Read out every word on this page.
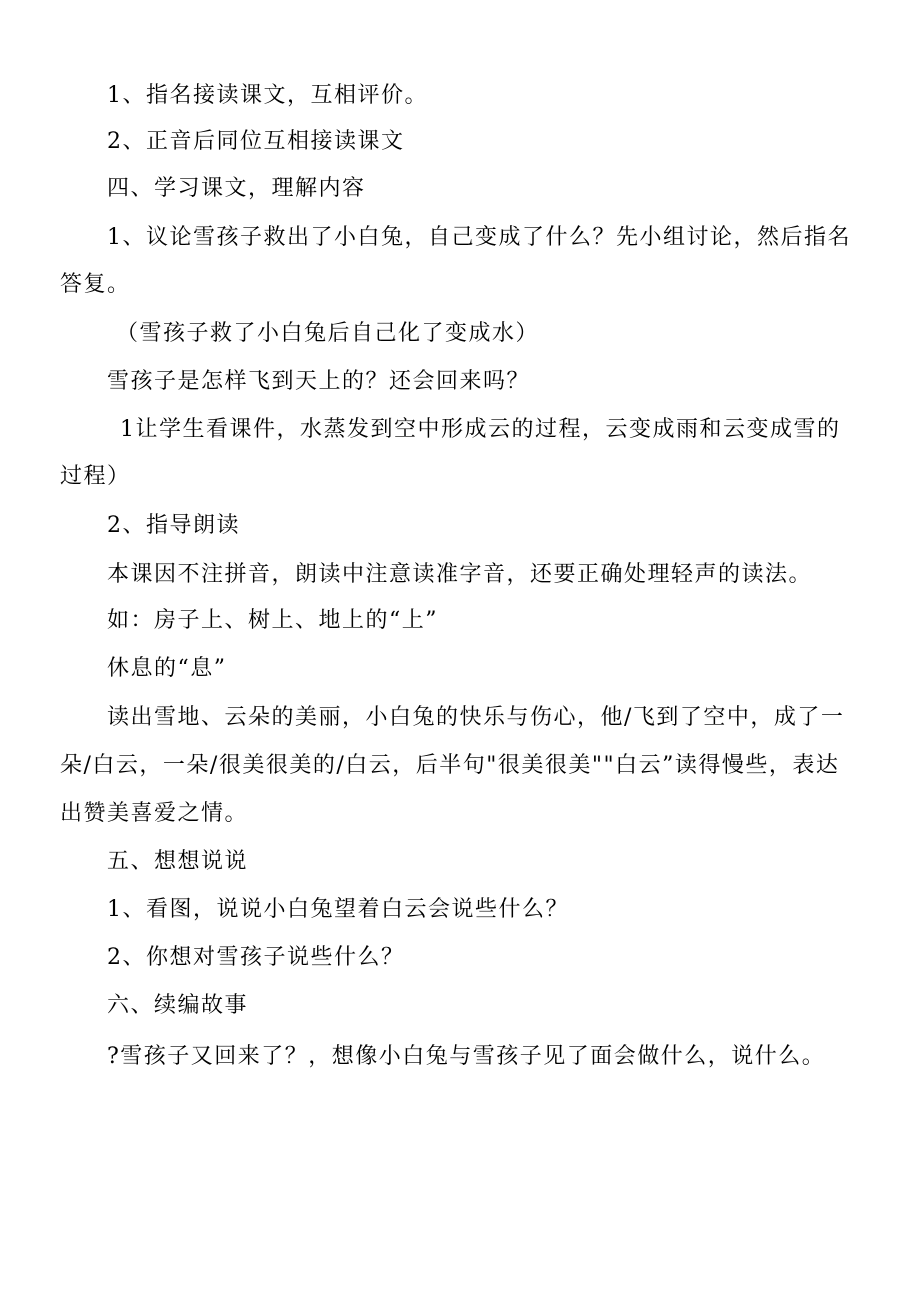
1、指名接读课文，互相评价。
2、正音后同位互相接读课文
四、学习课文，理解内容
1、议论雪孩子救出了小白兔，自己变成了什么？先小组讨论，然后指名
答复。
（雪孩子救了小白兔后自己化了变成水）
雪孩子是怎样飞到天上的？还会回来吗？
1让学生看课件，水蒸发到空中形成云的过程，云变成雨和云变成雪的
过程）
2、指导朗读
本课因不注拼音，朗读中注意读准字音，还要正确处理轻声的读法。
如：房子上、树上、地上的“上”
休息的“息”
读出雪地、云朵的美丽，小白兔的快乐与伤心，他/飞到了空中，成了一
朵/白云，一朵/很美很美的/白云，后半句"很美很美""白云”读得慢些，表达
出赞美喜爱之情。
五、想想说说
1、看图，说说小白兔望着白云会说些什么？
2、你想对雪孩子说些什么？
六、续编故事
?雪孩子又回来了？，想像小白兔与雪孩子见了面会做什么，说什么。
